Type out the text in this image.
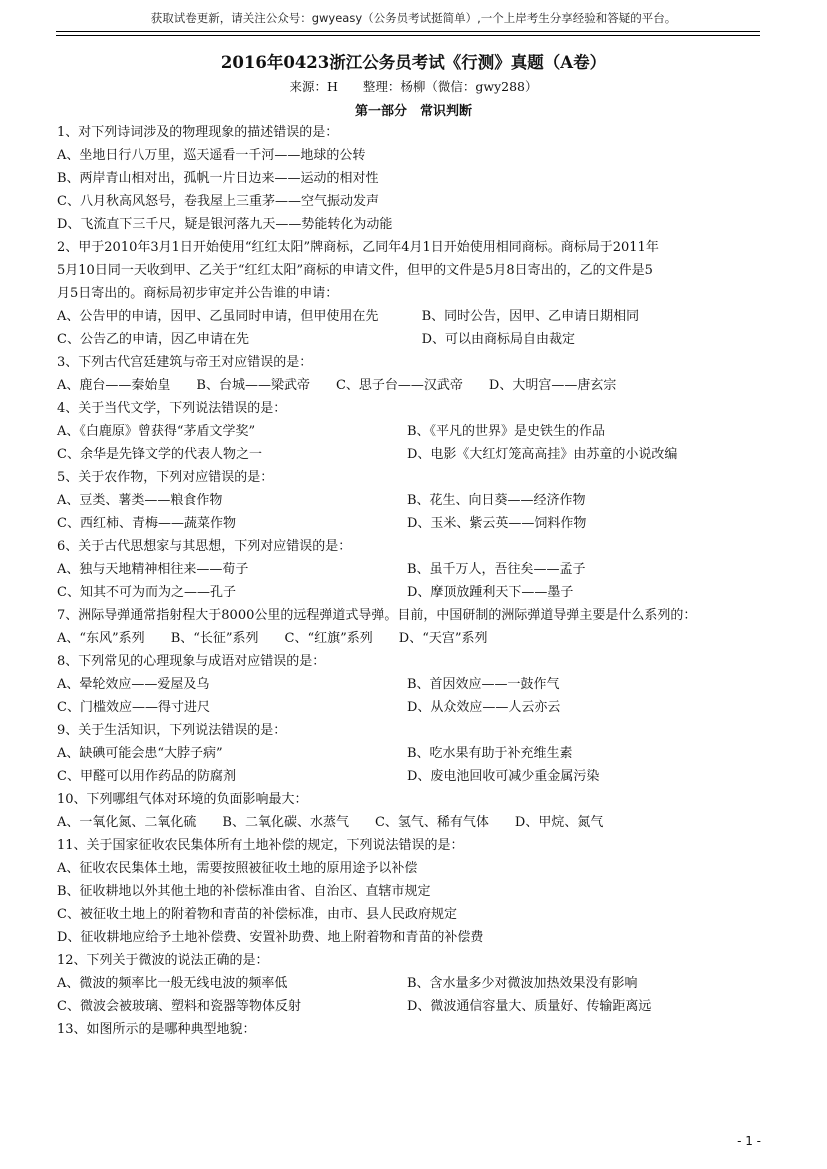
获取试卷更新，请关注公众号：gwyeasy（公务员考试挺简单）,一个上岸考生分享经验和答疑的平台。
2016年0423浙江公务员考试《行测》真题（A卷）
来源：H　　整理：杨柳（微信：gwy288）
第一部分　常识判断
1、对下列诗词涉及的物理现象的描述错误的是：
A、坐地日行八万里，巡天遥看一千河——地球的公转
B、两岸青山相对出，孤帆一片日边来——运动的相对性
C、八月秋高风怒号，卷我屋上三重茅——空气振动发声
D、飞流直下三千尺，疑是银河落九天——势能转化为动能
2、甲于2010年3月1日开始使用“红红太阳”牌商标，乙同年4月1日开始使用相同商标。商标局于2011年
5月10日同一天收到甲、乙关于“红红太阳”商标的申请文件，但甲的文件是5月8日寄出的，乙的文件是5
月5日寄出的。商标局初步审定并公告谁的申请：
A、公告甲的申请，因甲、乙虽同时申请，但甲使用在先	B、同时公告，因甲、乙申请日期相同
C、公告乙的申请，因乙申请在先	D、可以由商标局自由裁定
3、下列古代宫廷建筑与帝王对应错误的是：
A、鹿台——秦始皇 B、台城——梁武帝 C、思子台——汉武帝 D、大明宫——唐玄宗
4、关于当代文学，下列说法错误的是：
A、《白鹿原》曾获得“茅盾文学奖”	B、《平凡的世界》是史铁生的作品
C、余华是先锋文学的代表人物之一	D、电影《大红灯笼高高挂》由苏童的小说改编
5、关于农作物，下列对应错误的是：
A、豆类、薯类——粮食作物	B、花生、向日葵——经济作物
C、西红柿、青梅——蔬菜作物	D、玉米、紫云英——饲料作物
6、关于古代思想家与其思想，下列对应错误的是：
A、独与天地精神相往来——荀子	B、虽千万人，吾往矣——孟子
C、知其不可为而为之——孔子	D、摩顶放踵利天下——墨子
7、洲际导弹通常指射程大于8000公里的远程弹道式导弹。目前，中国研制的洲际弹道导弹主要是什么系列的：
A、“东风”系列 B、“长征”系列 C、“红旗”系列 D、“天宫”系列
8、下列常见的心理现象与成语对应错误的是：
A、晕轮效应——爱屋及乌	B、首因效应——一鼓作气
C、门槛效应——得寸进尺	D、从众效应——人云亦云
9、关于生活知识，下列说法错误的是：
A、缺碘可能会患“大脖子病”	B、吃水果有助于补充维生素
C、甲醛可以用作药品的防腐剂	D、废电池回收可减少重金属污染
10、下列哪组气体对环境的负面影响最大：
A、一氧化氮、二氧化硫 B、二氧化碳、水蒸气 C、氢气、稀有气体 D、甲烷、氮气
11、关于国家征收农民集体所有土地补偿的规定，下列说法错误的是：
A、征收农民集体土地，需要按照被征收土地的原用途予以补偿
B、征收耕地以外其他土地的补偿标准由省、自治区、直辖市规定
C、被征收土地上的附着物和青苗的补偿标准，由市、县人民政府规定
D、征收耕地应给予土地补偿费、安置补助费、地上附着物和青苗的补偿费
12、下列关于微波的说法正确的是：
A、微波的频率比一般无线电波的频率低	B、含水量多少对微波加热效果没有影响
C、微波会被玻璃、塑料和瓷器等物体反射	D、微波通信容量大、质量好、传输距离远
13、如图所示的是哪种典型地貌：
- 1 -
